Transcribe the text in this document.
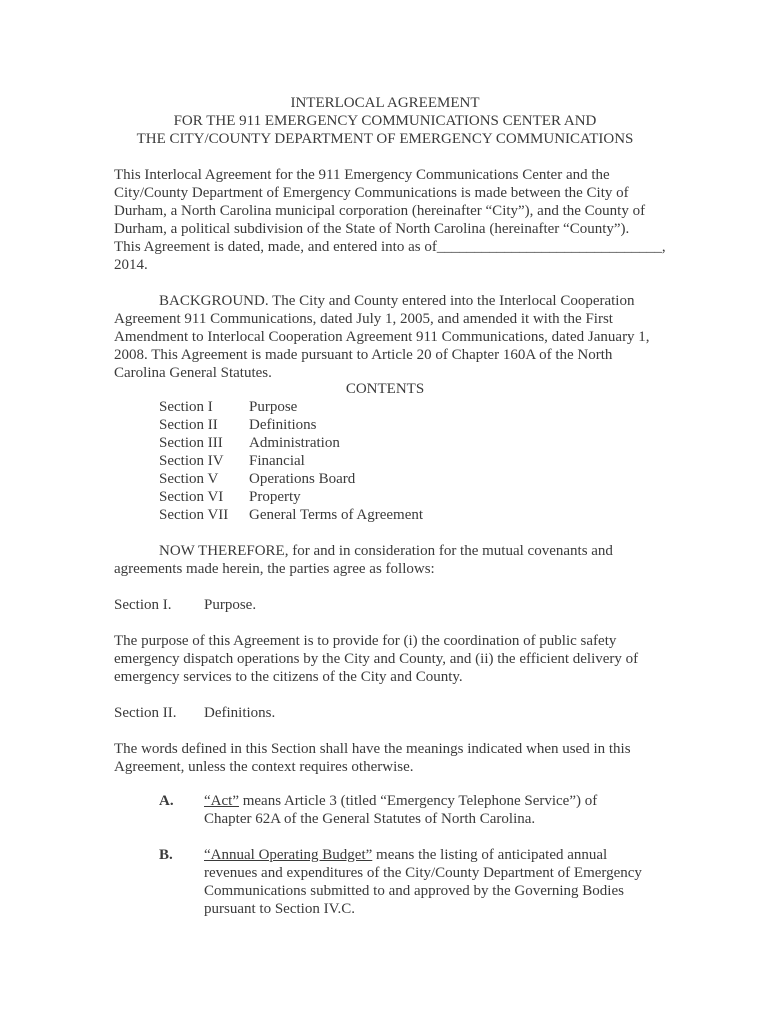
INTERLOCAL AGREEMENT
FOR THE 911 EMERGENCY COMMUNICATIONS CENTER AND
THE CITY/COUNTY DEPARTMENT OF EMERGENCY COMMUNICATIONS
This Interlocal Agreement for the 911 Emergency Communications Center and the
City/County Department of Emergency Communications is made between the City of
Durham, a North Carolina municipal corporation (hereinafter “City”), and the County of
Durham, a political subdivision of the State of North Carolina (hereinafter “County”).
This Agreement is dated, made, and entered into as of______________________________,
2014.
BACKGROUND. The City and County entered into the Interlocal Cooperation
Agreement 911 Communications, dated July 1, 2005, and amended it with the First
Amendment to Interlocal Cooperation Agreement 911 Communications, dated January 1,
2008. This Agreement is made pursuant to Article 20 of Chapter 160A of the North
Carolina General Statutes.
CONTENTS
Section I Purpose
Section II Definitions
Section III Administration
Section IV Financial
Section V Operations Board
Section VI Property
Section VII General Terms of Agreement
NOW THEREFORE, for and in consideration for the mutual covenants and
agreements made herein, the parties agree as follows:
Section I. Purpose.
The purpose of this Agreement is to provide for (i) the coordination of public safety
emergency dispatch operations by the City and County, and (ii) the efficient delivery of
emergency services to the citizens of the City and County.
Section II. Definitions.
The words defined in this Section shall have the meanings indicated when used in this
Agreement, unless the context requires otherwise.
A. “Act” means Article 3 (titled “Emergency Telephone Service”) of
Chapter 62A of the General Statutes of North Carolina.
B. “Annual Operating Budget” means the listing of anticipated annual
revenues and expenditures of the City/County Department of Emergency
Communications submitted to and approved by the Governing Bodies
pursuant to Section IV.C.
